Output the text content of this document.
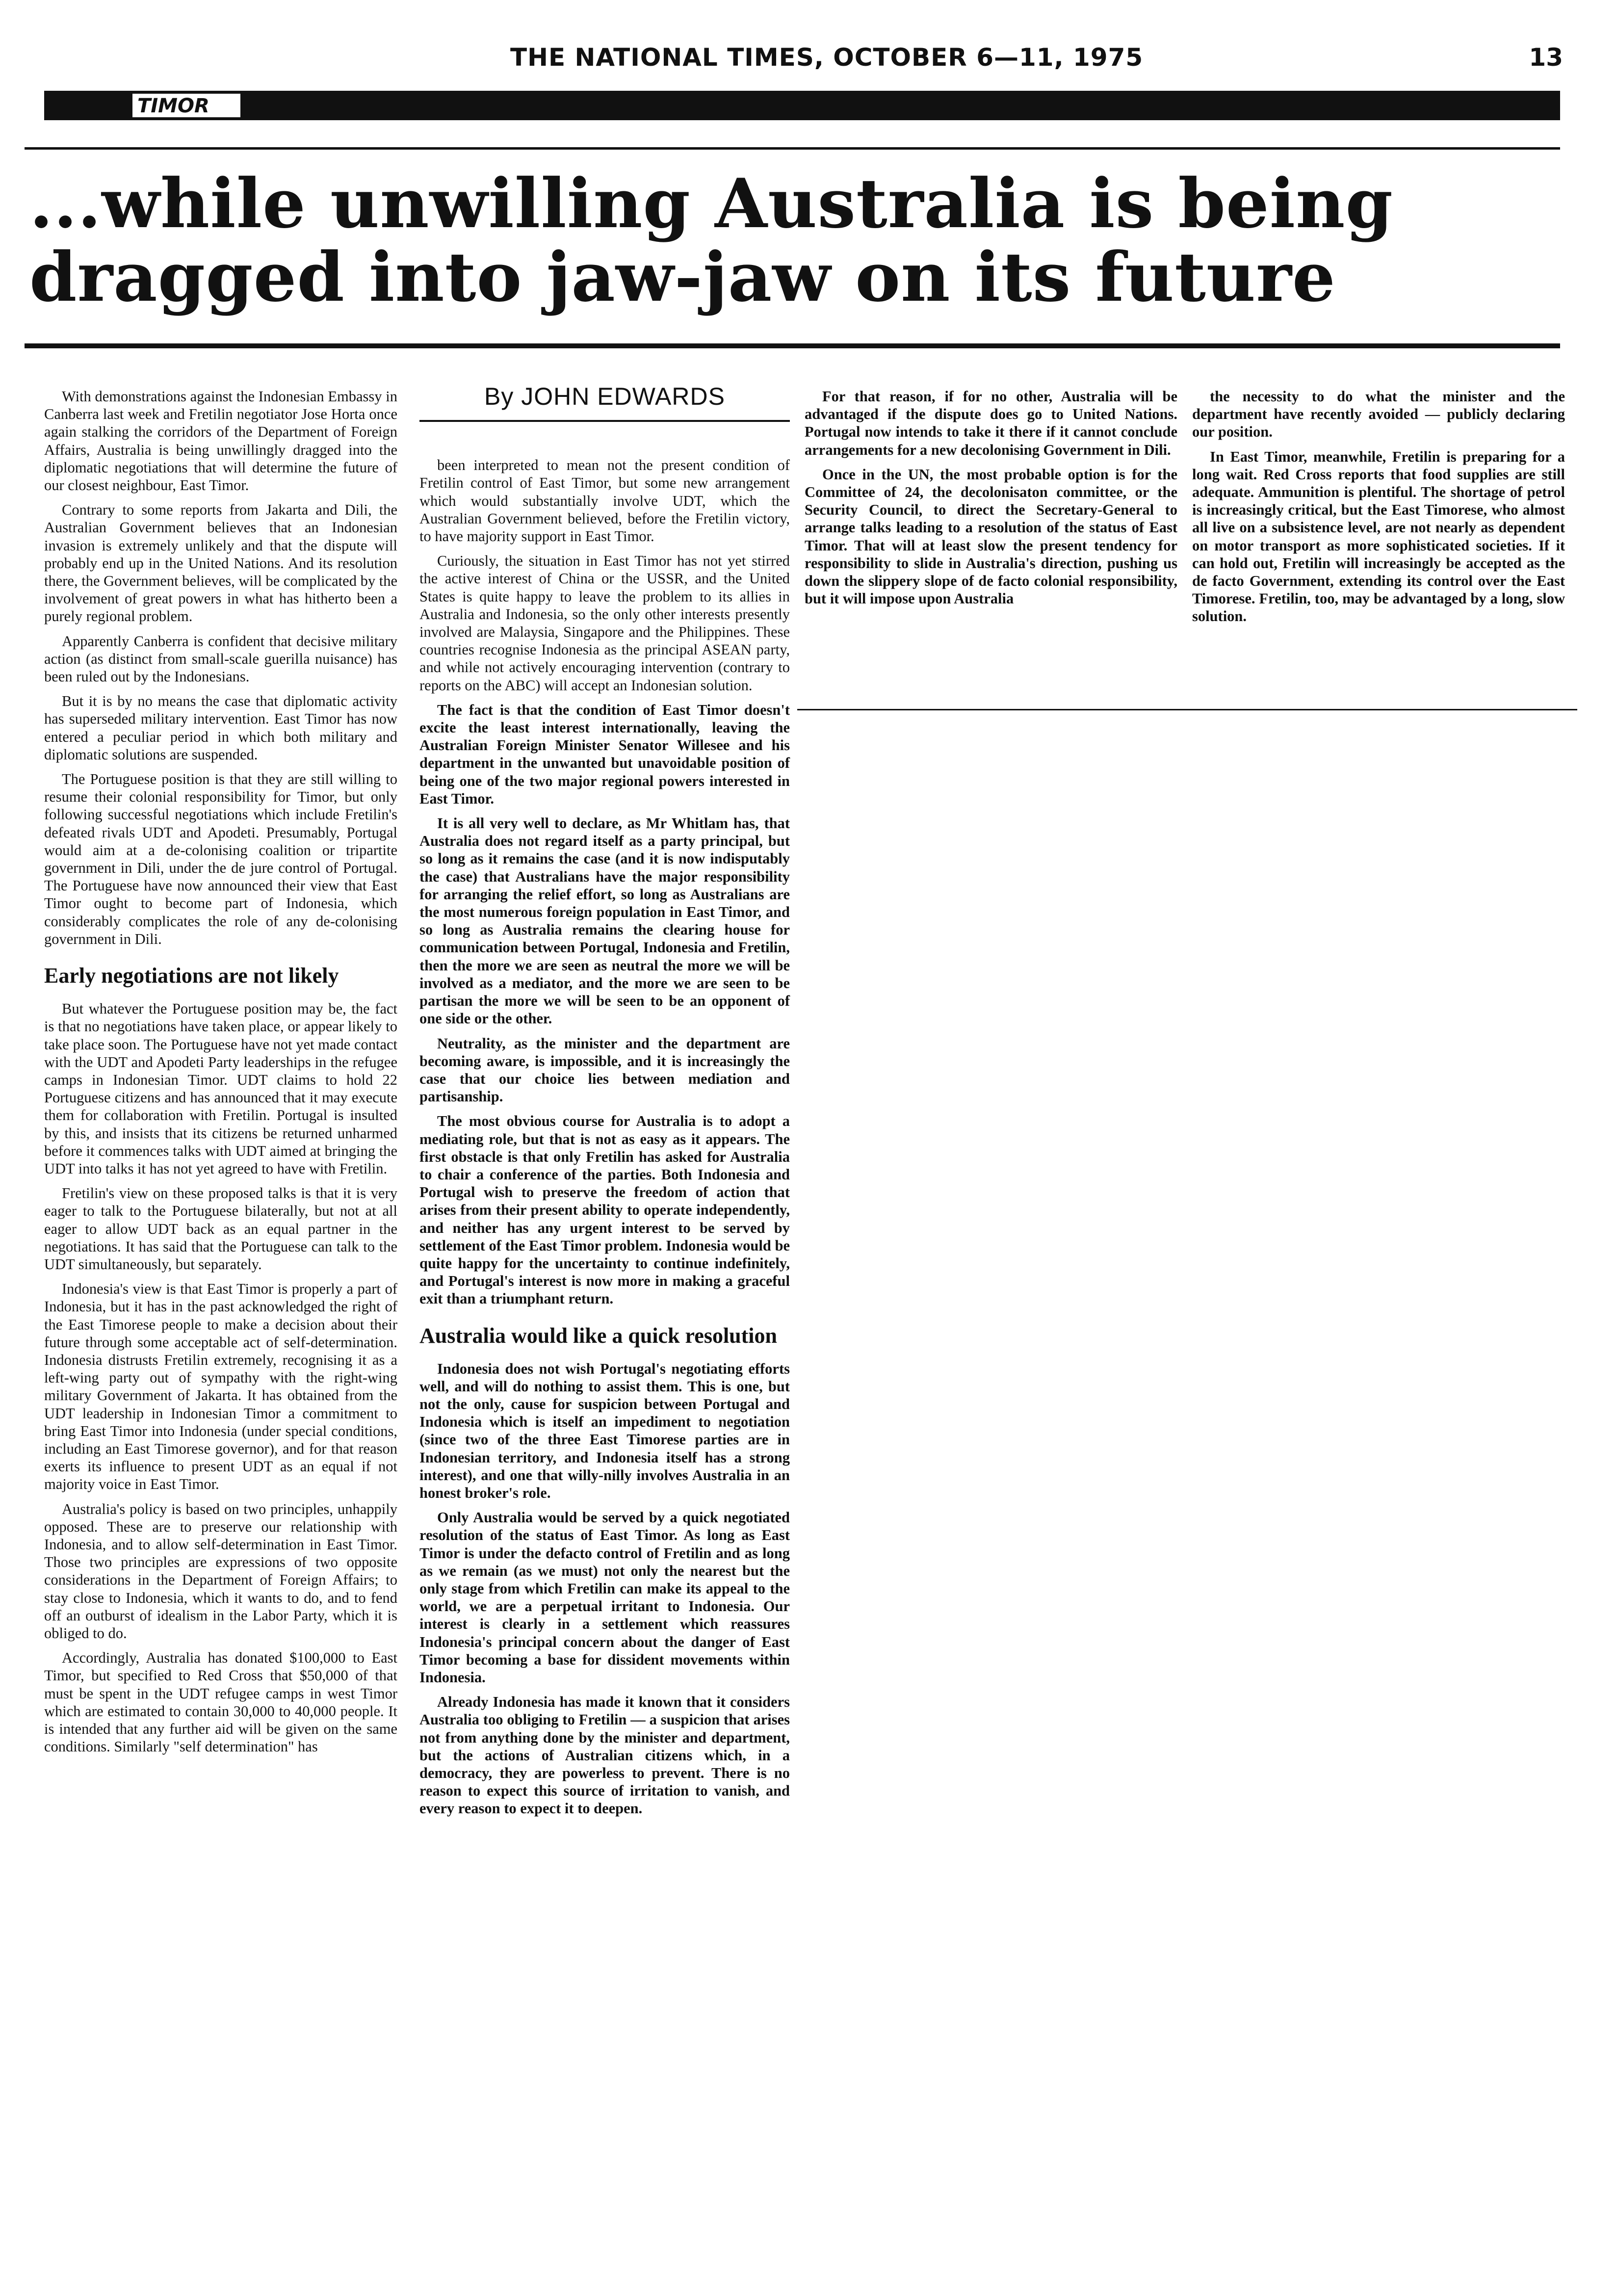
THE NATIONAL TIMES, OCTOBER 6—11, 1975	13
TIMOR
...while unwilling Australia is being dragged into jaw-jaw on its future

With demonstrations against the Indonesian Embassy in Canberra last week and Fretilin negotiator Jose Horta once again stalking the corridors of the Department of Foreign Affairs, Australia is being unwillingly dragged into the diplomatic negotiations that will determine the future of our closest neighbour, East Timor.

Contrary to some reports from Jakarta and Dili, the Australian Government believes that an Indonesian invasion is extremely unlikely and that the dispute will probably end up in the United Nations. And its resolution there, the Government believes, will be complicated by the involvement of great powers in what has hitherto been a purely regional problem.

Apparently Canberra is confident that decisive military action (as distinct from small-scale guerilla nuisance) has been ruled out by the Indonesians.

But it is by no means the case that diplomatic activity has superseded military intervention. East Timor has now entered a peculiar period in which both military and diplomatic solutions are suspended.

The Portuguese position is that they are still willing to resume their colonial responsibility for Timor, but only following successful negotiations which include Fretilin's defeated rivals UDT and Apodeti. Presumably, Portugal would aim at a de-colonising coalition or tripartite government in Dili, under the de jure control of Portugal. The Portuguese have now announced their view that East Timor ought to become part of Indonesia, which considerably complicates the role of any de-colonising government in Dili.

Early negotiations are not likely

But whatever the Portuguese position may be, the fact is that no negotiations have taken place, or appear likely to take place soon. The Portuguese have not yet made contact with the UDT and Apodeti Party leaderships in the refugee camps in Indonesian Timor. UDT claims to hold 22 Portuguese citizens and has announced that it may execute them for collaboration with Fretilin. Portugal is insulted by this, and insists that its citizens be returned unharmed before it commences talks with UDT aimed at bringing the UDT into talks it has not yet agreed to have with Fretilin.

Fretilin's view on these proposed talks is that it is very eager to talk to the Portuguese bilaterally, but not at all eager to allow UDT back as an equal partner in the negotiations. It has said that the Portuguese can talk to the UDT simultaneously, but separately.

Indonesia's view is that East Timor is properly a part of Indonesia, but it has in the past acknowledged the right of the East Timorese people to make a decision about their future through some acceptable act of self-determination. Indonesia distrusts Fretilin extremely, recognising it as a left-wing party out of sympathy with the right-wing military Government of Jakarta. It has obtained from the UDT leadership in Indonesian Timor a commitment to bring East Timor into Indonesia (under special conditions, including an East Timorese governor), and for that reason exerts its influence to present UDT as an equal if not majority voice in East Timor.

Australia's policy is based on two principles, unhappily opposed. These are to preserve our relationship with Indonesia, and to allow self-determination in East Timor. Those two principles are expressions of two opposite considerations in the Department of Foreign Affairs; to stay close to Indonesia, which it wants to do, and to fend off an outburst of idealism in the Labor Party, which it is obliged to do.

Accordingly, Australia has donated $100,000 to East Timor, but specified to Red Cross that $50,000 of that must be spent in the UDT refugee camps in west Timor which are estimated to contain 30,000 to 40,000 people. It is intended that any further aid will be given on the same conditions. Similarly "self determination" has

By JOHN EDWARDS

been interpreted to mean not the present condition of Fretilin control of East Timor, but some new arrangement which would substantially involve UDT, which the Australian Government believed, before the Fretilin victory, to have majority support in East Timor.

Curiously, the situation in East Timor has not yet stirred the active interest of China or the USSR, and the United States is quite happy to leave the problem to its allies in Australia and Indonesia, so the only other interests presently involved are Malaysia, Singapore and the Philippines. These countries recognise Indonesia as the principal ASEAN party, and while not actively encouraging intervention (contrary to reports on the ABC) will accept an Indonesian solution.

The fact is that the condition of East Timor doesn't excite the least interest internationally, leaving the Australian Foreign Minister Senator Willesee and his department in the unwanted but unavoidable position of being one of the two major regional powers interested in East Timor.

It is all very well to declare, as Mr Whitlam has, that Australia does not regard itself as a party principal, but so long as it remains the case (and it is now indisputably the case) that Australians have the major responsibility for arranging the relief effort, so long as Australians are the most numerous foreign population in East Timor, and so long as Australia remains the clearing house for communication between Portugal, Indonesia and Fretilin, then the more we are seen as neutral the more we will be involved as a mediator, and the more we are seen to be partisan the more we will be seen to be an opponent of one side or the other.

Neutrality, as the minister and the department are becoming aware, is impossible, and it is increasingly the case that our choice lies between mediation and partisanship.

The most obvious course for Australia is to adopt a mediating role, but that is not as easy as it appears. The first obstacle is that only Fretilin has asked for Australia to chair a conference of the parties. Both Indonesia and Portugal wish to preserve the freedom of action that arises from their present ability to operate independently, and neither has any urgent interest to be served by settlement of the East Timor problem. Indonesia would be quite happy for the uncertainty to continue indefinitely, and Portugal's interest is now more in making a graceful exit than a triumphant return.

Australia would like a quick resolution

Indonesia does not wish Portugal's negotiating efforts well, and will do nothing to assist them. This is one, but not the only, cause for suspicion between Portugal and Indonesia which is itself an impediment to negotiation (since two of the three East Timorese parties are in Indonesian territory, and Indonesia itself has a strong interest), and one that willy-nilly involves Australia in an honest broker's role.

Only Australia would be served by a quick negotiated resolution of the status of East Timor. As long as East Timor is under the defacto control of Fretilin and as long as we remain (as we must) not only the nearest but the only stage from which Fretilin can make its appeal to the world, we are a perpetual irritant to Indonesia. Our interest is clearly in a settlement which reassures Indonesia's principal concern about the danger of East Timor becoming a base for dissident movements within Indonesia.

Already Indonesia has made it known that it considers Australia too obliging to Fretilin — a suspicion that arises not from anything done by the minister and department, but the actions of Australian citizens which, in a democracy, they are powerless to prevent. There is no reason to expect this source of irritation to vanish, and every reason to expect it to deepen.

For that reason, if for no other, Australia will be advantaged if the dispute does go to United Nations. Portugal now intends to take it there if it cannot conclude arrangements for a new decolonising Government in Dili.

Once in the UN, the most probable option is for the Committee of 24, the decolonisaton committee, or the Security Council, to direct the Secretary-General to arrange talks leading to a resolution of the status of East Timor. That will at least slow the present tendency for responsibility to slide in Australia's direction, pushing us down the slippery slope of de facto colonial responsibility, but it will impose upon Australia

the necessity to do what the minister and the department have recently avoided — publicly declaring our position.

In East Timor, meanwhile, Fretilin is preparing for a long wait. Red Cross reports that food supplies are still adequate. Ammunition is plentiful. The shortage of petrol is increasingly critical, but the East Timorese, who almost all live on a subsistence level, are not nearly as dependent on motor transport as more sophisticated societies. If it can hold out, Fretilin will increasingly be accepted as the de facto Government, extending its control over the East Timorese. Fretilin, too, may be advantaged by a long, slow solution.
